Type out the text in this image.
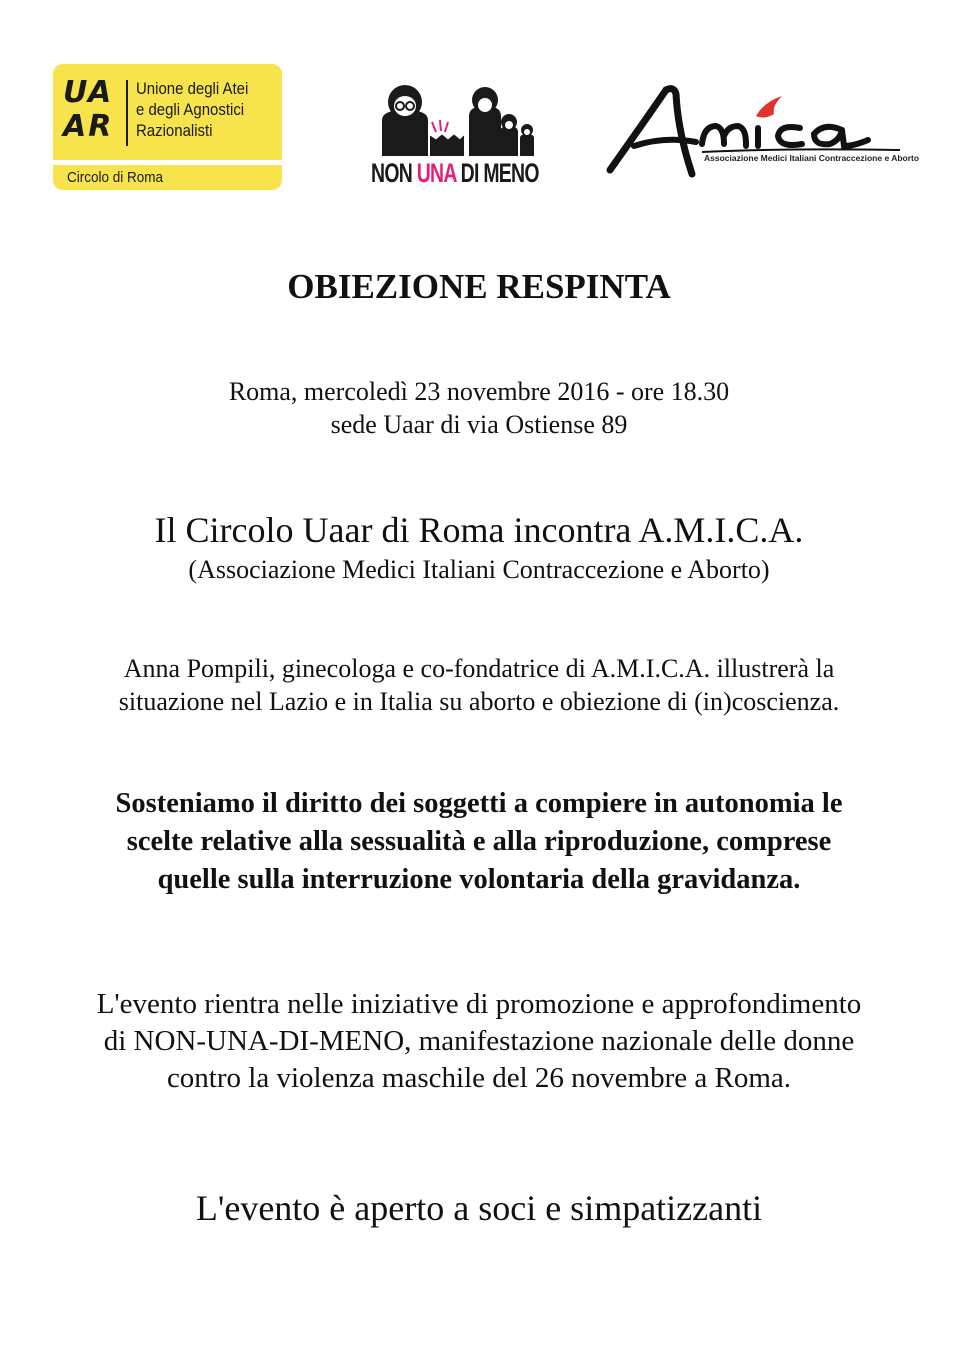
UA
AR
Unione degli Atei
e degli Agnostici
Razionalisti
Circolo di Roma	NON UNA DI MENO	Associazione Medici Italiani Contraccezione e Aborto
OBIEZIONE RESPINTA
Roma, mercoledì 23 novembre 2016 - ore 18.30
sede Uaar di via Ostiense 89
Il Circolo Uaar di Roma incontra A.M.I.C.A.
(Associazione Medici Italiani Contraccezione e Aborto)
Anna Pompili, ginecologa e co-fondatrice di A.M.I.C.A. illustrerà la
situazione nel Lazio e in Italia su aborto e obiezione di (in)coscienza.
Sosteniamo il diritto dei soggetti a compiere in autonomia le
scelte relative alla sessualità e alla riproduzione, comprese
quelle sulla interruzione volontaria della gravidanza.
L'evento rientra nelle iniziative di promozione e approfondimento
di NON-UNA-DI-MENO, manifestazione nazionale delle donne
contro la violenza maschile del 26 novembre a Roma.
L'evento è aperto a soci e simpatizzanti
